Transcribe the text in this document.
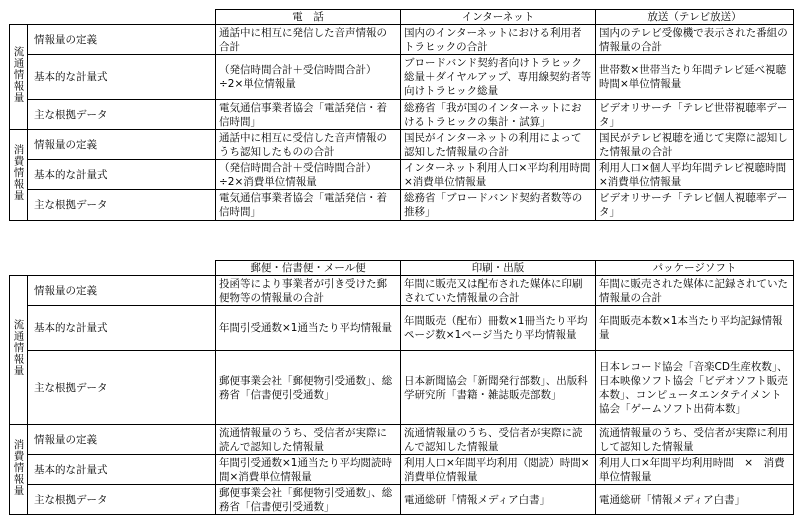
		電　話	インターネット	放送（テレビ放送）
流通情報量	情報量の定義	通話中に相互に発信した音声情報の合計	国内のインターネットにおける利用者トラヒックの合計	国内のテレビ受像機で表示された番組の情報量の合計
	基本的な計量式	（発信時間合計＋受信時間合計）÷2×単位情報量	ブロードバンド契約者向けトラヒック総量＋ダイヤルアップ、専用線契約者等向けトラヒック総量	世帯数×世帯当たり年間テレビ延べ視聴時間×単位情報量
	主な根拠データ	電気通信事業者協会「電話発信・着信時間」	総務省「我が国のインターネットにおけるトラヒックの集計・試算」	ビデオリサーチ「テレビ世帯視聴率データ」
消費情報量	情報量の定義	通話中に相互に受信した音声情報のうち認知したものの合計	国民がインターネットの利用によって認知した情報量の合計	国民がテレビ視聴を通じて実際に認知した情報量の合計
	基本的な計量式	（発信時間合計＋受信時間合計）÷2×消費単位情報量	インターネット利用人口×平均利用時間×消費単位情報量	利用人口×個人平均年間テレビ視聴時間×消費単位情報量
	主な根拠データ	電気通信事業者協会「電話発信・着信時間」	総務省「ブロードバンド契約者数等の推移」	ビデオリサーチ「テレビ個人視聴率データ」
		郵便・信書便・メール便	印刷・出版	パッケージソフト
流通情報量	情報量の定義	投函等により事業者が引き受けた郵便物等の情報量の合計	年間に販売又は配布された媒体に印刷されていた情報量の合計	年間に販売された媒体に記録されていた情報量の合計
	基本的な計量式	年間引受通数×1通当たり平均情報量	年間販売（配布）冊数×1冊当たり平均ページ数×1ページ当たり平均情報量	年間販売本数×1本当たり平均記録情報量
	主な根拠データ	郵便事業会社「郵便物引受通数」、総務省「信書便引受通数」	日本新聞協会「新聞発行部数」、出版科学研究所「書籍・雑誌販売部数」	日本レコード協会「音楽CD生産枚数」、日本映像ソフト協会「ビデオソフト販売本数」、コンピュータエンタテイメント協会「ゲームソフト出荷本数」
消費情報量	情報量の定義	流通情報量のうち、受信者が実際に読んで認知した情報量	流通情報量のうち、受信者が実際に読んで認知した情報量	流通情報量のうち、受信者が実際に利用して認知した情報量
	基本的な計量式	年間引受通数×1通当たり平均閲読時間×消費単位情報量	利用人口×年間平均利用（閲読）時間×消費単位情報量	利用人口×年間平均利用時間　×　消費単位情報量
	主な根拠データ	郵便事業会社「郵便物引受通数」、総務省「信書便引受通数」	電通総研「情報メディア白書」	電通総研「情報メディア白書」
